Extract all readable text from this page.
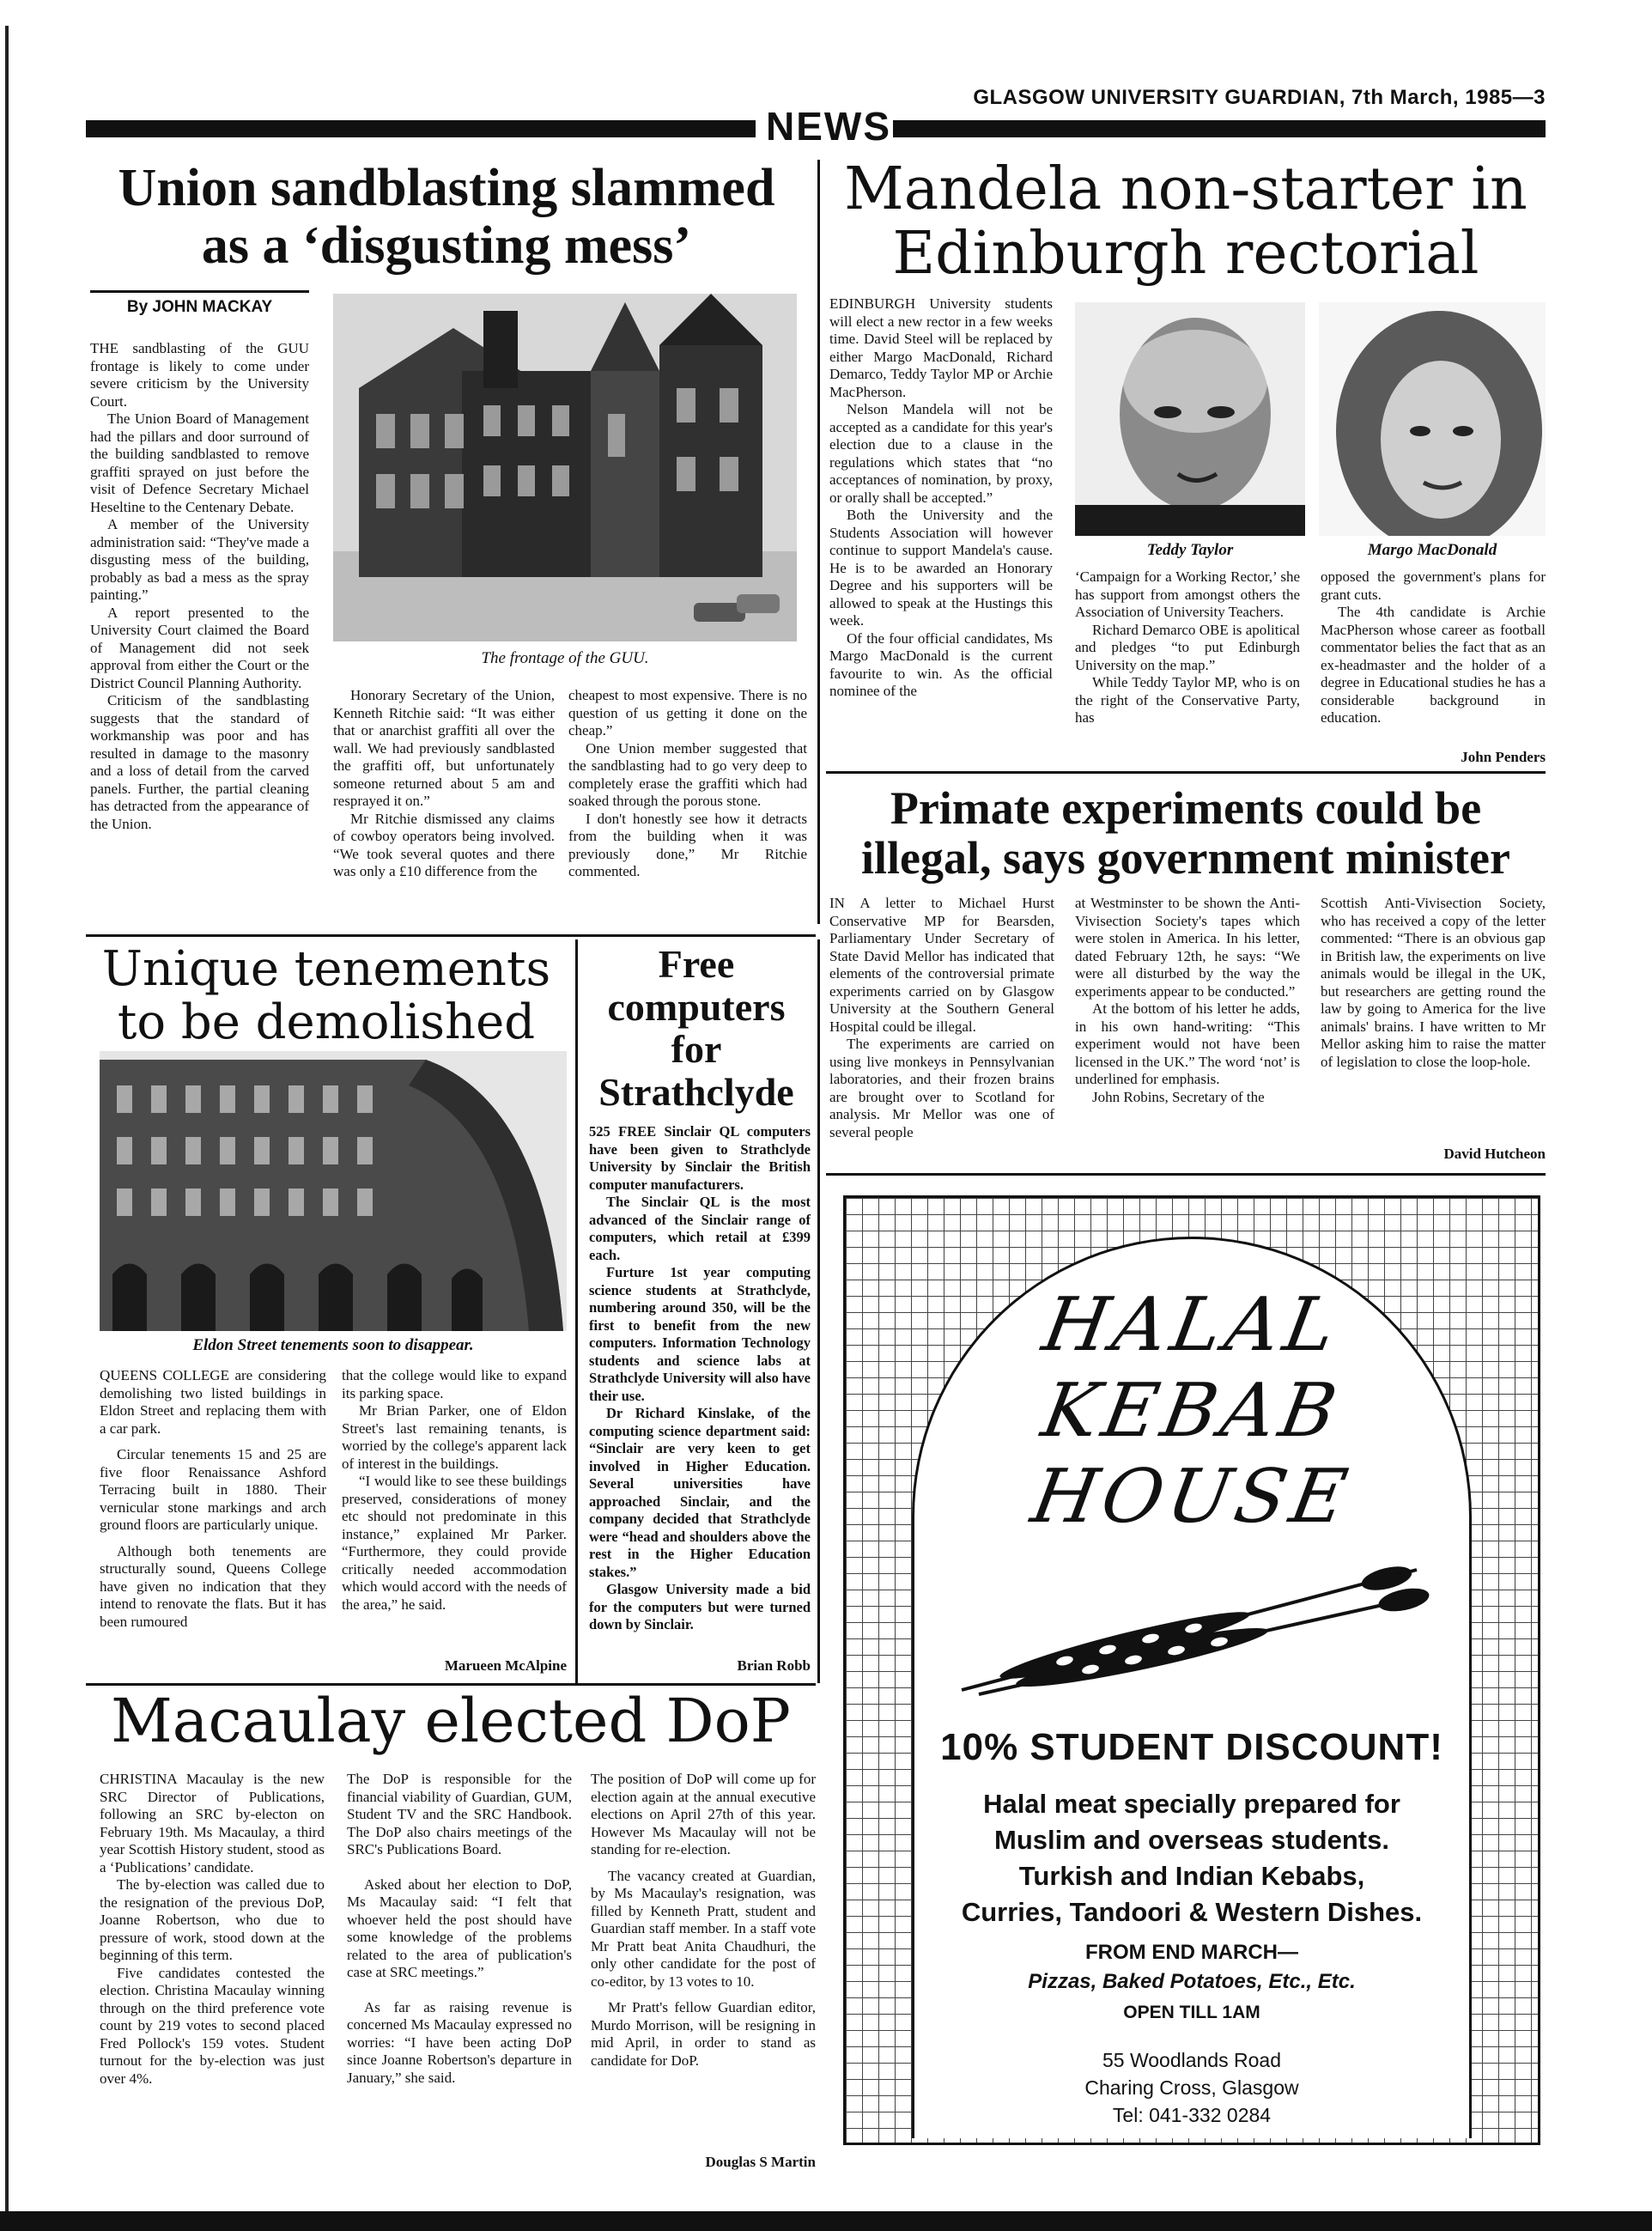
GLASGOW UNIVERSITY GUARDIAN, 7th March, 1985—3
NEWS
Union sandblasting slammed
as a ‘disgusting mess’
By JOHN MACKAY

THE sandblasting of the GUU frontage is likely to come under severe criticism by the University Court.

The Union Board of Management had the pillars and door surround of the building sandblasted to remove graffiti sprayed on just before the visit of Defence Secretary Michael Heseltine to the Centenary Debate.

A member of the University administration said: “They've made a disgusting mess of the building, probably as bad a mess as the spray painting.”

A report presented to the University Court claimed the Board of Management did not seek approval from either the Court or the District Council Planning Authority.

Criticism of the sandblasting suggests that the standard of workmanship was poor and has resulted in damage to the masonry and a loss of detail from the carved panels. Further, the partial cleaning has detracted from the appearance of the Union.

The frontage of the GUU.

Honorary Secretary of the Union, Kenneth Ritchie said: “It was either that or anarchist graffiti all over the wall. We had previously sandblasted the graffiti off, but unfortunately someone returned about 5 am and resprayed it on.”

Mr Ritchie dismissed any claims of cowboy operators being involved. “We took several quotes and there was only a £10 difference from the

cheapest to most expensive. There is no question of us getting it done on the cheap.”

One Union member suggested that the sandblasting had to go very deep to completely erase the graffiti which had soaked through the porous stone.

I don't honestly see how it detracts from the building when it was previously done,” Mr Ritchie commented.

Mandela non-starter in
Edinburgh rectorial

EDINBURGH University students will elect a new rector in a few weeks time. David Steel will be replaced by either Margo MacDonald, Richard Demarco, Teddy Taylor MP or Archie MacPherson.

Nelson Mandela will not be accepted as a candidate for this year's election due to a clause in the regulations which states that “no acceptances of nomination, by proxy, or orally shall be accepted.”

Both the University and the Students Association will however continue to support Mandela's cause. He is to be awarded an Honorary Degree and his supporters will be allowed to speak at the Hustings this week.

Of the four official candidates, Ms Margo MacDonald is the current favourite to win. As the official nominee of the

Teddy Taylor	Margo MacDonald

‘Campaign for a Working Rector,’ she has support from amongst others the Association of University Teachers.

Richard Demarco OBE is apolitical and pledges “to put Edinburgh University on the map.”

While Teddy Taylor MP, who is on the right of the Conservative Party, has

opposed the government's plans for grant cuts.

The 4th candidate is Archie MacPherson whose career as football commentator belies the fact that as an ex-headmaster and the holder of a degree in Educational studies he has a considerable background in education.

John Penders
Primate experiments could be
illegal, says government minister

IN A letter to Michael Hurst Conservative MP for Bearsden, Parliamentary Under Secretary of State David Mellor has indicated that elements of the controversial primate experiments carried on by Glasgow University at the Southern General Hospital could be illegal.

The experiments are carried on using live monkeys in Pennsylvanian laboratories, and their frozen brains are brought over to Scotland for analysis. Mr Mellor was one of several people

at Westminster to be shown the Anti-Vivisection Society's tapes which were stolen in America. In his letter, dated February 12th, he says: “We were all disturbed by the way the experiments appear to be conducted.”

At the bottom of his letter he adds, in his own hand-writing: “This experiment would not have been licensed in the UK.” The word ‘not’ is underlined for emphasis.

John Robins, Secretary of the

Scottish Anti-Vivisection Society, who has received a copy of the letter commented: “There is an obvious gap in British law, the experiments on live animals would be illegal in the UK, but researchers are getting round the law by going to America for the live animals' brains. I have written to Mr Mellor asking him to raise the matter of legislation to close the loop-hole.

David Hutcheon
Unique tenements
to be demolished
Eldon Street tenements soon to disappear.

QUEENS COLLEGE are considering demolishing two listed buildings in Eldon Street and replacing them with a car park.

Circular tenements 15 and 25 are five floor Renaissance Ashford Terracing built in 1880. Their vernicular stone markings and arch ground floors are particularly unique.

Although both tenements are structurally sound, Queens College have given no indication that they intend to renovate the flats. But it has been rumoured

that the college would like to expand its parking space.

Mr Brian Parker, one of Eldon Street's last remaining tenants, is worried by the college's apparent lack of interest in the buildings.

“I would like to see these buildings preserved, considerations of money etc should not predominate in this instance,” explained Mr Parker. “Furthermore, they could provide critically needed accommodation which would accord with the needs of the area,” he said.

Marueen McAlpine
Free
computers
for
Strathclyde

525 FREE Sinclair QL computers have been given to Strathclyde University by Sinclair the British computer manufacturers.

The Sinclair QL is the most advanced of the Sinclair range of computers, which retail at £399 each.

Furture 1st year computing science students at Strathclyde, numbering around 350, will be the first to benefit from the new computers. Information Technology students and science labs at Strathclyde University will also have their use.

Dr Richard Kinslake, of the computing science department said: “Sinclair are very keen to get involved in Higher Education. Several universities have approached Sinclair, and the company decided that Strathclyde were “head and shoulders above the rest in the Higher Education stakes.”

Glasgow University made a bid for the computers but were turned down by Sinclair.

Brian Robb
Macaulay elected DoP

CHRISTINA Macaulay is the new SRC Director of Publications, following an SRC by-electon on February 19th. Ms Macaulay, a third year Scottish History student, stood as a ‘Publications’ candidate.

The by-election was called due to the resignation of the previous DoP, Joanne Robertson, who due to pressure of work, stood down at the beginning of this term.

Five candidates contested the election. Christina Macaulay winning through on the third preference vote count by 219 votes to second placed Fred Pollock's 159 votes. Student turnout for the by-election was just over 4%.

The DoP is responsible for the financial viability of Guardian, GUM, Student TV and the SRC Handbook. The DoP also chairs meetings of the SRC's Publications Board.

Asked about her election to DoP, Ms Macaulay said: “I felt that whoever held the post should have some knowledge of the problems related to the area of publication's case at SRC meetings.”

As far as raising revenue is concerned Ms Macaulay expressed no worries: “I have been acting DoP since Joanne Robertson's departure in January,” she said.

The position of DoP will come up for election again at the annual executive elections on April 27th of this year. However Ms Macaulay will not be standing for re-election.

The vacancy created at Guardian, by Ms Macaulay's resignation, was filled by Kenneth Pratt, student and Guardian staff member. In a staff vote Mr Pratt beat Anita Chaudhuri, the only other candidate for the post of co-editor, by 13 votes to 10.

Mr Pratt's fellow Guardian editor, Murdo Morrison, will be resigning in mid April, in order to stand as candidate for DoP.

Douglas S Martin
HALAL
KEBAB
HOUSE
10% STUDENT DISCOUNT!
Halal meat specially prepared for
Muslim and overseas students.
Turkish and Indian Kebabs,
Curries, Tandoori & Western Dishes.
FROM END MARCH—
Pizzas, Baked Potatoes, Etc., Etc.
OPEN TILL 1AM
55 Woodlands Road
Charing Cross, Glasgow
Tel: 041-332 0284
